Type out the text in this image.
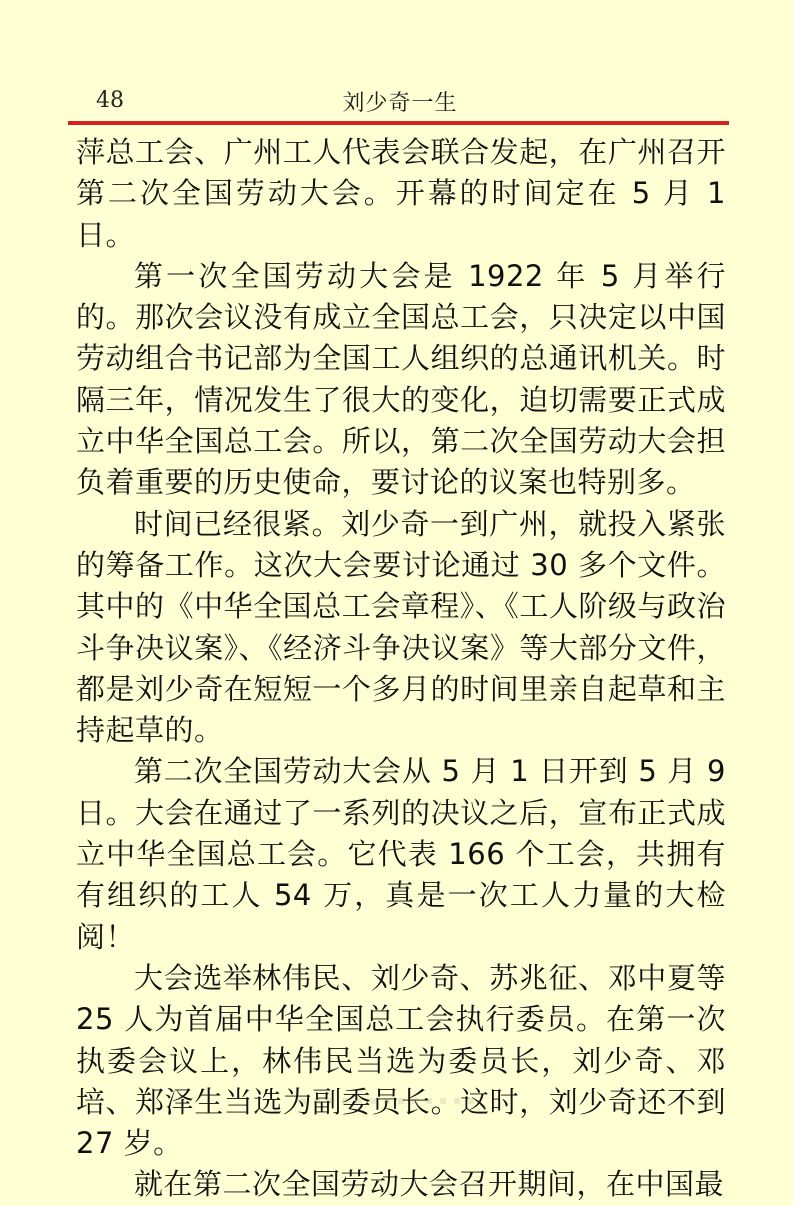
48	刘少奇一生

萍总工会、广州工人代表会联合发起，在广州召开第二次全国劳动大会。开幕的时间定在 5 月 1 日。

第一次全国劳动大会是 1922 年 5 月举行的。那次会议没有成立全国总工会，只决定以中国劳动组合书记部为全国工人组织的总通讯机关。时隔三年，情况发生了很大的变化，迫切需要正式成立中华全国总工会。所以，第二次全国劳动大会担负着重要的历史使命，要讨论的议案也特别多。

时间已经很紧。刘少奇一到广州，就投入紧张的筹备工作。这次大会要讨论通过 30 多个文件。其中的《中华全国总工会章程》、《工人阶级与政治斗争决议案》、《经济斗争决议案》等大部分文件，都是刘少奇在短短一个多月的时间里亲自起草和主持起草的。

第二次全国劳动大会从 5 月 1 日开到 5 月 9 日。大会在通过了一系列的决议之后，宣布正式成立中华全国总工会。它代表 166 个工会，共拥有有组织的工人 54 万，真是一次工人力量的大检阅！

大会选举林伟民、刘少奇、苏兆征、邓中夏等 25 人为首届中华全国总工会执行委员。在第一次执委会议上，林伟民当选为委员长，刘少奇、邓培、郑泽生当选为副委员长。这时，刘少奇还不到 27 岁。

就在第二次全国劳动大会召开期间，在中国最
